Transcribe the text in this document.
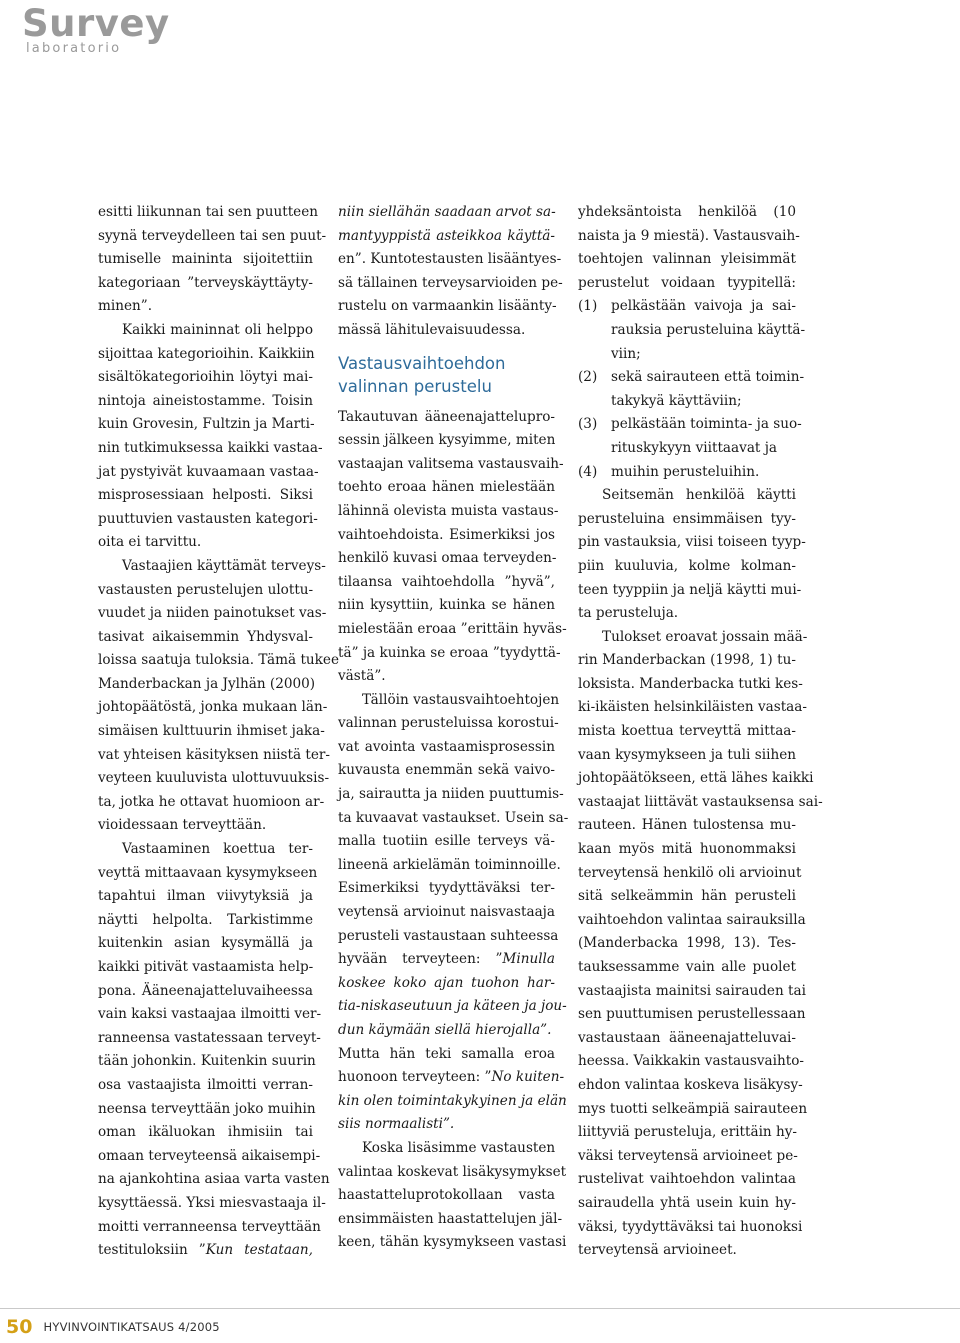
Survey
laboratorio
esitti liikunnan tai sen puutteen
syynä terveydelleen tai sen puut-
tumiselle maininta sijoitettiin
kategoriaan ”terveyskäyttäyty-
minen”.
Kaikki maininnat oli helppo
sijoittaa kategorioihin. Kaikkiin
sisältökategorioihin löytyi mai-
nintoja aineistostamme. Toisin
kuin Grovesin, Fultzin ja Marti-
nin tutkimuksessa kaikki vastaa-
jat pystyivät kuvaamaan vastaa-
misprosessiaan helposti. Siksi
puuttuvien vastausten kategori-
oita ei tarvittu.
Vastaajien käyttämät terveys-
vastausten perustelujen ulottu-
vuudet ja niiden painotukset vas-
tasivat aikaisemmin Yhdysval-
loissa saatuja tuloksia. Tämä tukee
Manderbackan ja Jylhän (2000)
johtopäätöstä, jonka mukaan län-
simäisen kulttuurin ihmiset jaka-
vat yhteisen käsityksen niistä ter-
veyteen kuuluvista ulottuvuuksis-
ta, jotka he ottavat huomioon ar-
vioidessaan terveyttään.
Vastaaminen koettua ter-
veyttä mittaavaan kysymykseen
tapahtui ilman viivytyksiä ja
näytti helpolta. Tarkistimme
kuitenkin asian kysymällä ja
kaikki pitivät vastaamista help-
pona. Ääneenajatteluvaiheessa
vain kaksi vastaajaa ilmoitti ver-
ranneensa vastatessaan terveyt-
tään johonkin. Kuitenkin suurin
osa vastaajista ilmoitti verran-
neensa terveyttään joko muihin
oman ikäluokan ihmisiin tai
omaan terveyteensä aikaisempi-
na ajankohtina asiaa varta vasten
kysyttäessä. Yksi miesvastaaja il-
moitti verranneensa terveyttään
testituloksiin ”Kun testataan,
niin siellähän saadaan arvot sa-
mantyyppistä asteikkoa käyttä-
en”. Kuntotestausten lisääntyes-
sä tällainen terveysarvioiden pe-
rustelu on varmaankin lisäänty-
mässä lähitulevaisuudessa.
Vastausvaihtoehdon
valinnan perustelu
Takautuvan ääneenajattelupro-
sessin jälkeen kysyimme, miten
vastaajan valitsema vastausvaih-
toehto eroaa hänen mielestään
lähinnä olevista muista vastaus-
vaihtoehdoista. Esimerkiksi jos
henkilö kuvasi omaa terveyden-
tilaansa vaihtoehdolla ”hyvä”,
niin kysyttiin, kuinka se hänen
mielestään eroaa ”erittäin hyväs-
tä” ja kuinka se eroaa ”tyydyttä-
västä”.
Tällöin vastausvaihtoehtojen
valinnan perusteluissa korostui-
vat avointa vastaamisprosessin
kuvausta enemmän sekä vaivo-
ja, sairautta ja niiden puuttumis-
ta kuvaavat vastaukset. Usein sa-
malla tuotiin esille terveys vä-
lineenä arkielämän toiminnoille.
Esimerkiksi tyydyttäväksi ter-
veytensä arvioinut naisvastaaja
perusteli vastaustaan suhteessa
hyvään terveyteen: ”Minulla
koskee koko ajan tuohon har-
tia-niskaseutuun ja käteen ja jou-
dun käymään siellä hierojalla”.
Mutta hän teki samalla eroa
huonoon terveyteen: ”No kuiten-
kin olen toimintakykyinen ja elän
siis normaalisti”.
Koska lisäsimme vastausten
valintaa koskevat lisäkysymykset
haastatteluprotokollaan vasta
ensimmäisten haastattelujen jäl-
keen, tähän kysymykseen vastasi
yhdeksäntoista henkilöä (10
naista ja 9 miestä). Vastausvaih-
toehtojen valinnan yleisimmät
perustelut voidaan tyypitellä:
(1) pelkästään vaivoja ja sai-
rauksia perusteluina käyttä-
viin;
(2) sekä sairauteen että toimin-
takykyä käyttäviin;
(3) pelkästään toiminta- ja suo-
rituskykyyn viittaavat ja
(4) muihin perusteluihin.
Seitsemän henkilöä käytti
perusteluina ensimmäisen tyy-
pin vastauksia, viisi toiseen tyyp-
piin kuuluvia, kolme kolman-
teen tyyppiin ja neljä käytti mui-
ta perusteluja.
Tulokset eroavat jossain mää-
rin Manderbackan (1998, 1) tu-
loksista. Manderbacka tutki kes-
ki-ikäisten helsinkiläisten vastaa-
mista koettua terveyttä mittaa-
vaan kysymykseen ja tuli siihen
johtopäätökseen, että lähes kaikki
vastaajat liittävät vastauksensa sai-
rauteen. Hänen tulostensa mu-
kaan myös mitä huonommaksi
terveytensä henkilö oli arvioinut
sitä selkeämmin hän perusteli
vaihtoehdon valintaa sairauksilla
(Manderbacka 1998, 13). Tes-
tauksessamme vain alle puolet
vastaajista mainitsi sairauden tai
sen puuttumisen perustellessaan
vastaustaan ääneenajatteluvai-
heessa. Vaikkakin vastausvaihto-
ehdon valintaa koskeva lisäkysy-
mys tuotti selkeämpiä sairauteen
liittyviä perusteluja, erittäin hy-
väksi terveytensä arvioineet pe-
rustelivat vaihtoehdon valintaa
sairaudella yhtä usein kuin hy-
väksi, tyydyttäväksi tai huonoksi
terveytensä arvioineet.
50 HYVINVOINTIKATSAUS 4/2005
